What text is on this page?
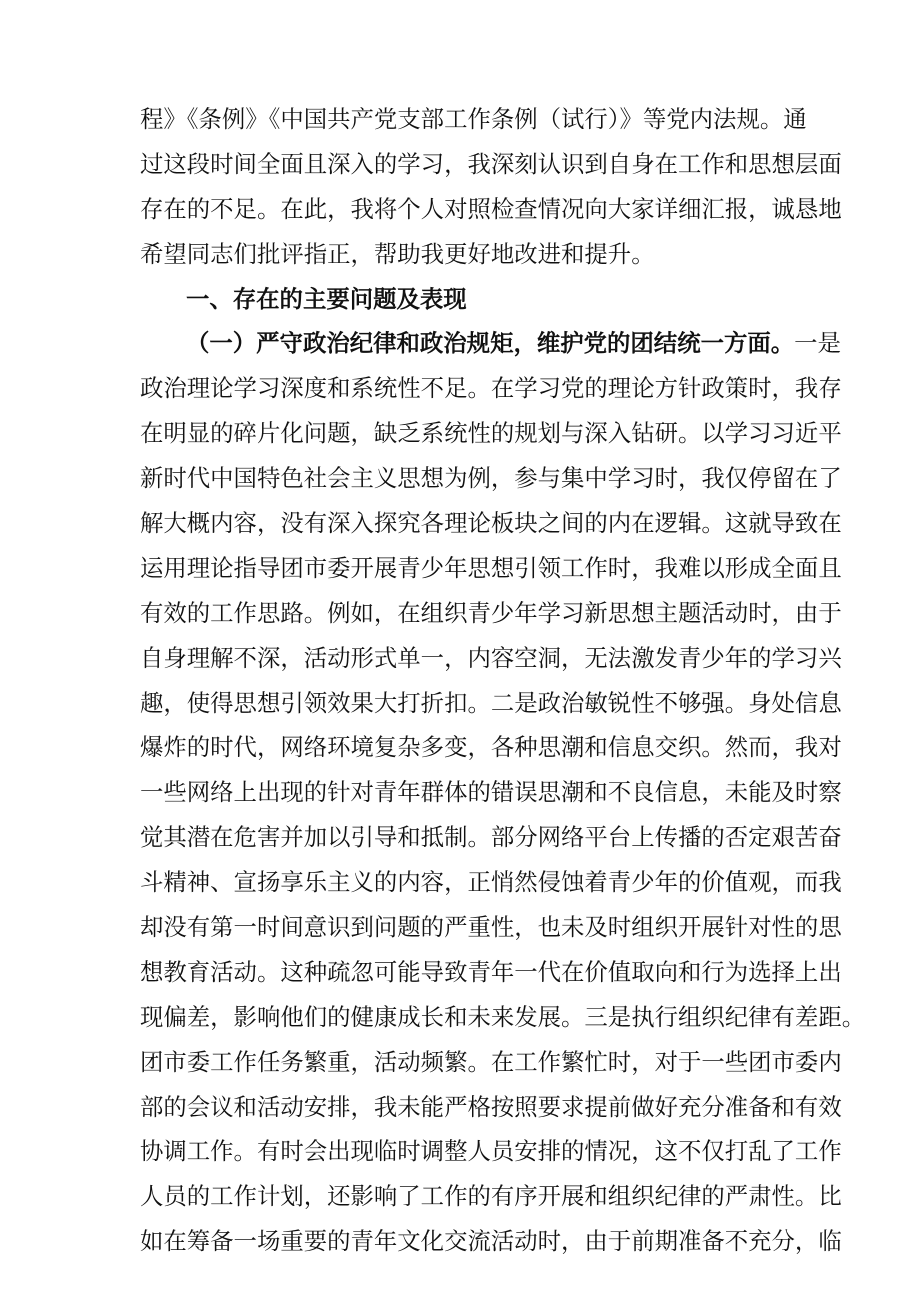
程》《条例》《中国共产党支部工作条例（试行）》等党内法规。通
过这段时间全面且深入的学习，我深刻认识到自身在工作和思想层面
存在的不足。在此，我将个人对照检查情况向大家详细汇报，诚恳地
希望同志们批评指正，帮助我更好地改进和提升。
一、存在的主要问题及表现
（一）严守政治纪律和政治规矩，维护党的团结统一方面。一是
政治理论学习深度和系统性不足。在学习党的理论方针政策时，我存
在明显的碎片化问题，缺乏系统性的规划与深入钻研。以学习习近平
新时代中国特色社会主义思想为例，参与集中学习时，我仅停留在了
解大概内容，没有深入探究各理论板块之间的内在逻辑。这就导致在
运用理论指导团市委开展青少年思想引领工作时，我难以形成全面且
有效的工作思路。例如，在组织青少年学习新思想主题活动时，由于
自身理解不深，活动形式单一，内容空洞，无法激发青少年的学习兴
趣，使得思想引领效果大打折扣。二是政治敏锐性不够强。身处信息
爆炸的时代，网络环境复杂多变，各种思潮和信息交织。然而，我对
一些网络上出现的针对青年群体的错误思潮和不良信息，未能及时察
觉其潜在危害并加以引导和抵制。部分网络平台上传播的否定艰苦奋
斗精神、宣扬享乐主义的内容，正悄然侵蚀着青少年的价值观，而我
却没有第一时间意识到问题的严重性，也未及时组织开展针对性的思
想教育活动。这种疏忽可能导致青年一代在价值取向和行为选择上出
现偏差，影响他们的健康成长和未来发展。三是执行组织纪律有差距。
团市委工作任务繁重，活动频繁。在工作繁忙时，对于一些团市委内
部的会议和活动安排，我未能严格按照要求提前做好充分准备和有效
协调工作。有时会出现临时调整人员安排的情况，这不仅打乱了工作
人员的工作计划，还影响了工作的有序开展和组织纪律的严肃性。比
如在筹备一场重要的青年文化交流活动时，由于前期准备不充分，临
